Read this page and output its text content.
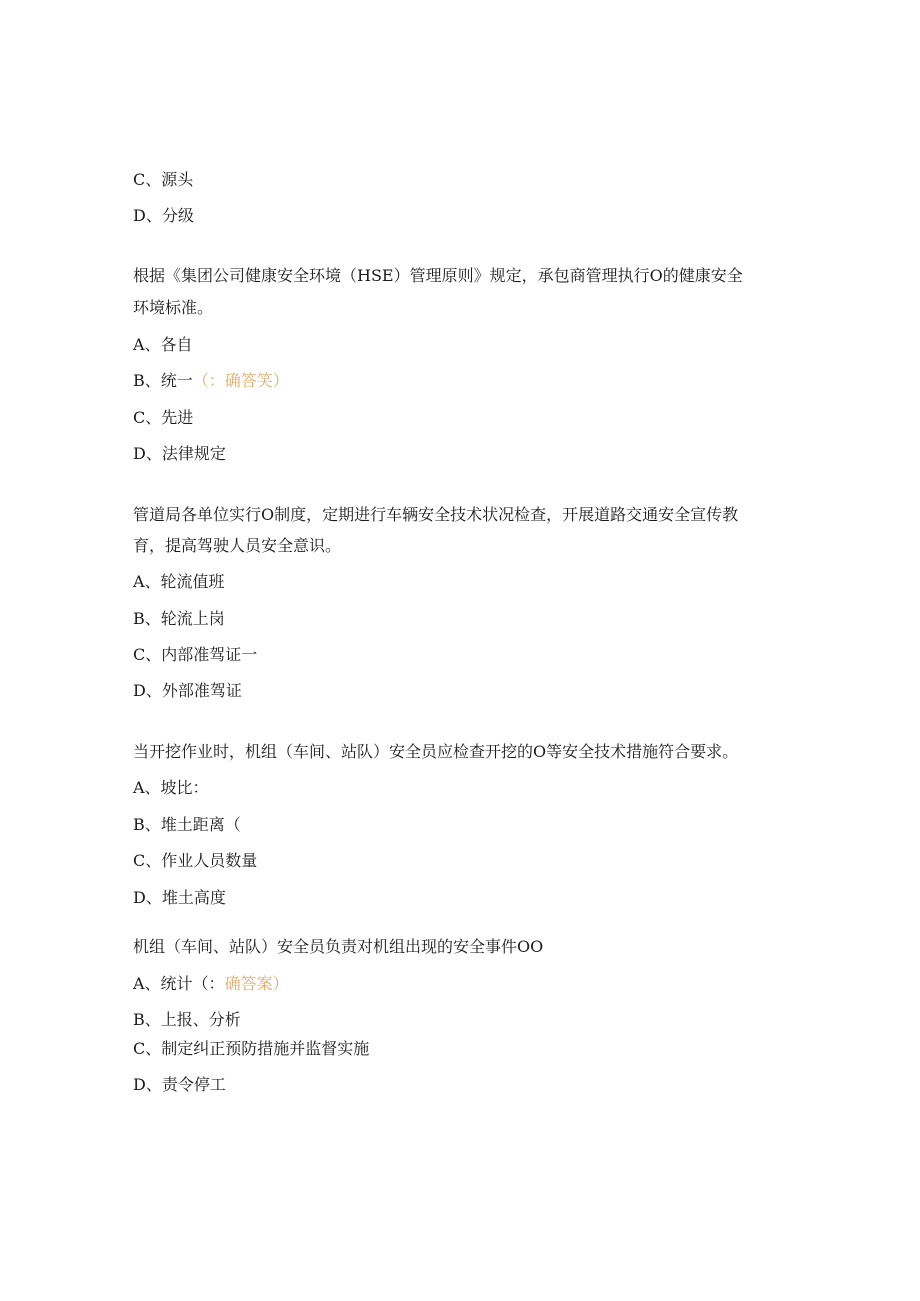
C、源头
D、分级
根据《集团公司健康安全环境（HSE）管理原则》规定，承包商管理执行O的健康安全
环境标准。
A、各自
B、统一（：确答笑）
C、先进
D、法律规定
管道局各单位实行O制度，定期进行车辆安全技术状况检查，开展道路交通安全宣传教
育，提高驾驶人员安全意识。
A、轮流值班
B、轮流上岗
C、内部准驾证一
D、外部准驾证
当开挖作业时，机组（车间、站队）安全员应检查开挖的O等安全技术措施符合要求。
A、坡比：
B、堆土距离（
C、作业人员数量
D、堆土高度
机组（车间、站队）安全员负责对机组出现的安全事件OO
A、统计（：确答案）
B、上报、分析
C、制定纠正预防措施并监督实施
D、责令停工
